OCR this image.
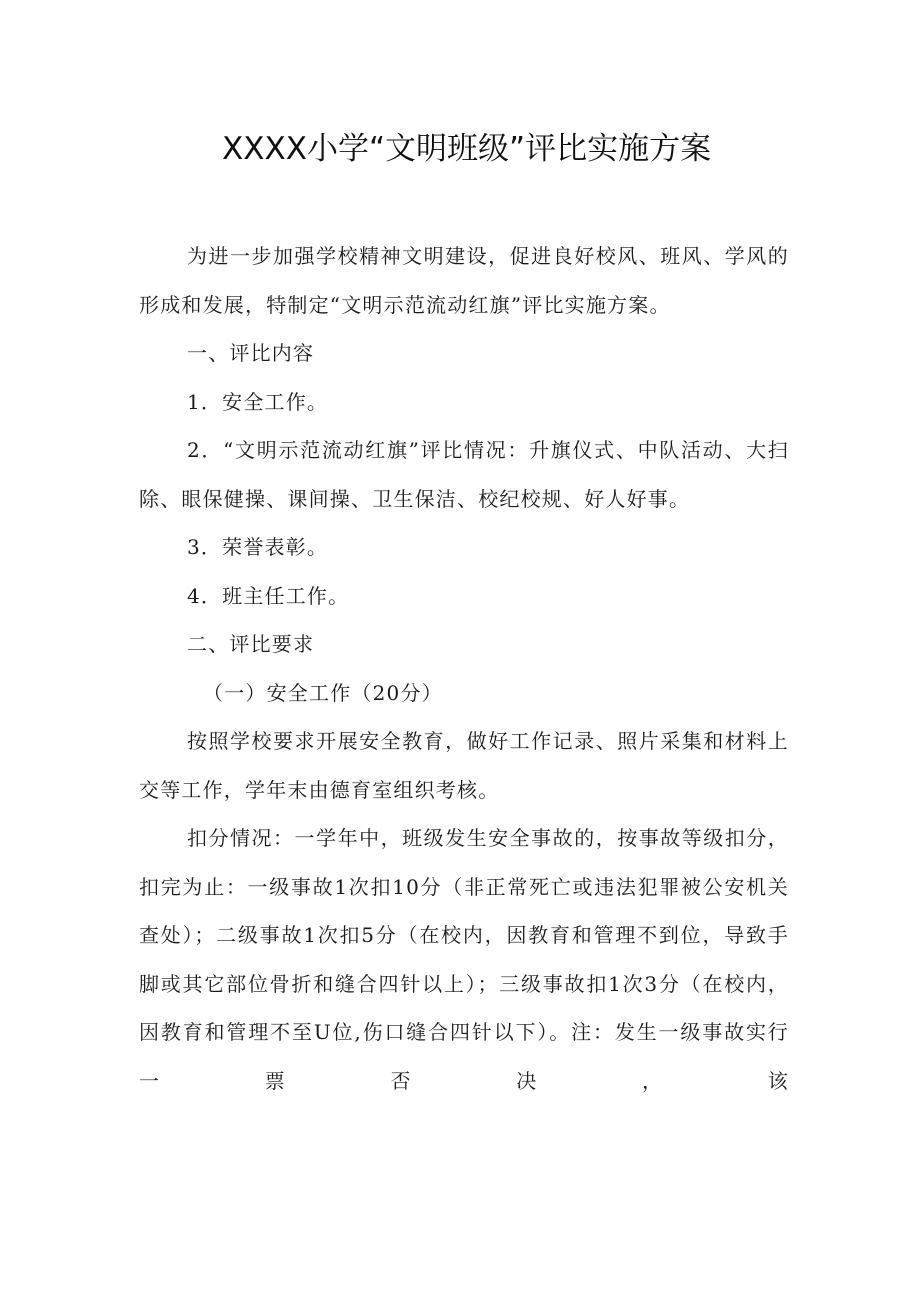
XXXX小学“文明班级”评比实施方案

为进一步加强学校精神文明建设，促进良好校风、班风、学风的形成和发展，特制定“文明示范流动红旗”评比实施方案。

一、评比内容

1．安全工作。

2．“文明示范流动红旗”评比情况：升旗仪式、中队活动、大扫除、眼保健操、课间操、卫生保洁、校纪校规、好人好事。

3．荣誉表彰。

4．班主任工作。

二、评比要求

（一）安全工作（20分）

按照学校要求开展安全教育，做好工作记录、照片采集和材料上交等工作，学年末由德育室组织考核。

扣分情况：一学年中，班级发生安全事故的，按事故等级扣分，扣完为止：一级事故1次扣10分（非正常死亡或违法犯罪被公安机关查处）；二级事故1次扣5分（在校内，因教育和管理不到位，导致手脚或其它部位骨折和缝合四针以上）；三级事故扣1次3分（在校内，因教育和管理不至U位,伤口缝合四针以下）。注：发生一级事故实行一票否决，该
